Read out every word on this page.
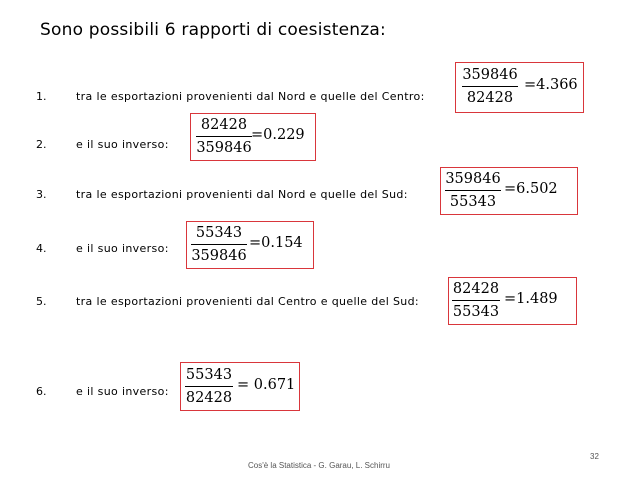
Sono possibili 6 rapporti di coesistenza:
1.	tra le esportazioni provenienti dal Nord e quelle del Centro:
359846
82428
=4.366
2.	e il suo inverso:
82428
359846
=0.229
3.	tra le esportazioni provenienti dal Nord e quelle del Sud:
359846
55343
=6.502
4.	e il suo inverso:
55343
359846
=0.154
5.	tra le esportazioni provenienti dal Centro e quelle del Sud:
82428
55343
=1.489
6.	e il suo inverso:
55343
82428
= 0.671
32
Cos'è la Statistica - G. Garau, L. Schirru
